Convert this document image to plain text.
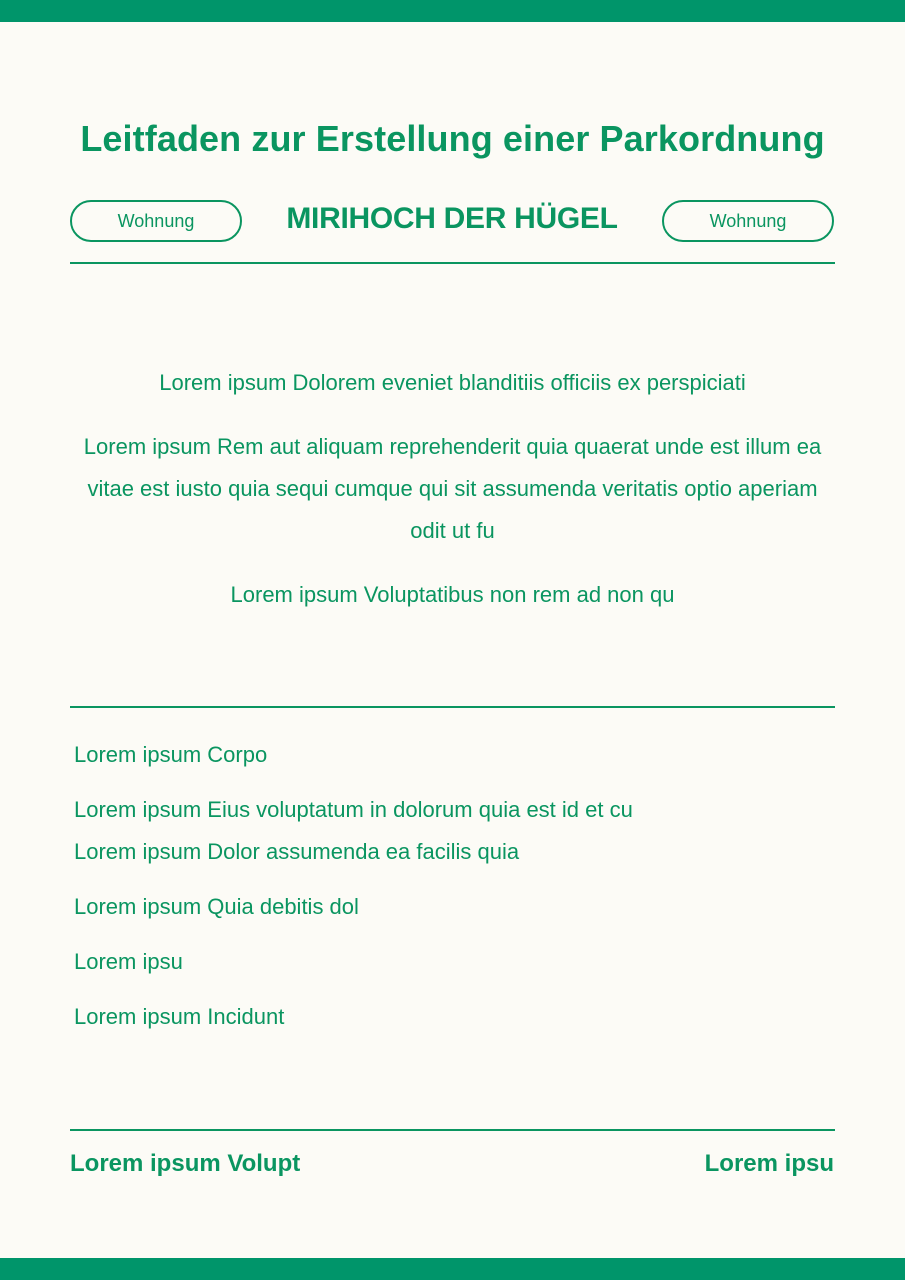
Leitfaden zur Erstellung einer Parkordnung
Wohnung	MIRIHOCH DER HÜGEL	Wohnung

Lorem ipsum Dolorem eveniet blanditiis officiis ex perspiciati

Lorem ipsum Rem aut aliquam reprehenderit quia quaerat unde est illum ea vitae est iusto quia sequi cumque qui sit assumenda veritatis optio aperiam odit ut fu

Lorem ipsum Voluptatibus non rem ad non qu

Lorem ipsum Corpo

Lorem ipsum Eius voluptatum in dolorum quia est id et cu
Lorem ipsum Dolor assumenda ea facilis quia

Lorem ipsum Quia debitis dol

Lorem ipsu

Lorem ipsum Incidunt

Lorem ipsum Volupt	Lorem ipsu
